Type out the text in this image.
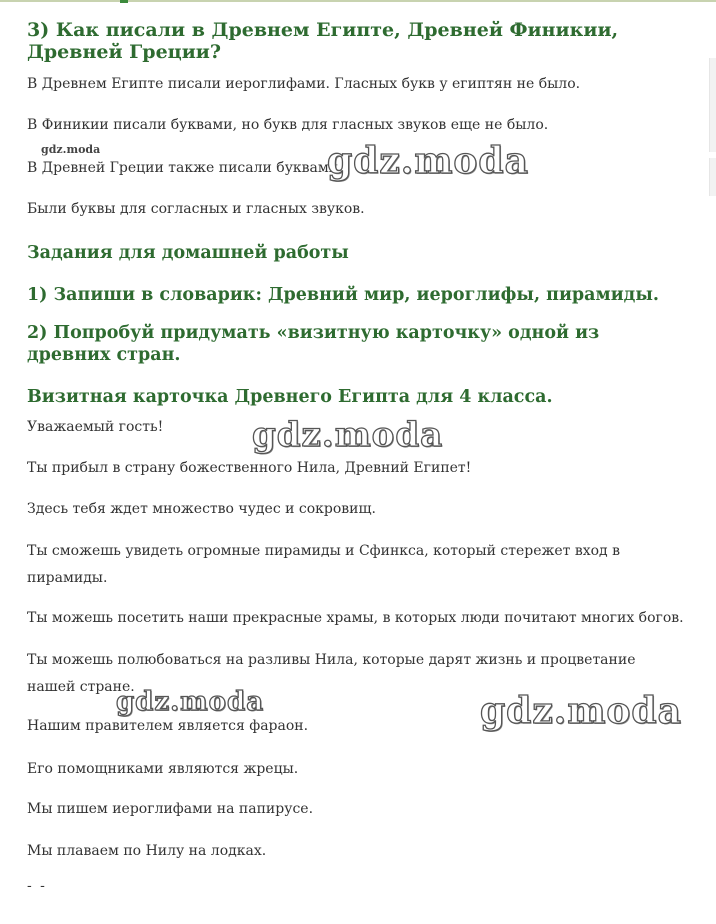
3) Как писали в Древнем Египте, Древней Финикии, Древней Греции?

В Древнем Египте писали иероглифами. Гласных букв у египтян не было.

В Финикии писали буквами, но букв для гласных звуков еще не было.

В Древней Греции также писали буквами.

Были буквы для согласных и гласных звуков.

Задания для домашней работы
1) Запиши в словарик: Древний мир, иероглифы, пирамиды.
2) Попробуй придумать «визитную карточку» одной из древних стран.
Визитная карточка Древнего Египта для 4 класса.

Уважаемый гость!

Ты прибыл в страну божественного Нила, Древний Египет!

Здесь тебя ждет множество чудес и сокровищ.

Ты сможешь увидеть огромные пирамиды и Сфинкса, который стережет вход в пирамиды.

Ты можешь посетить наши прекрасные храмы, в которых люди почитают многих богов.

Ты можешь полюбоваться на разливы Нила, которые дарят жизнь и процветание нашей стране.

Нашим правителем является фараон.

Его помощниками являются жрецы.

Мы пишем иероглифами на папирусе.

Мы плаваем по Нилу на лодках.

- -
gdz.moda	gdz.moda
gdz.moda
gdz.moda	gdz.moda
